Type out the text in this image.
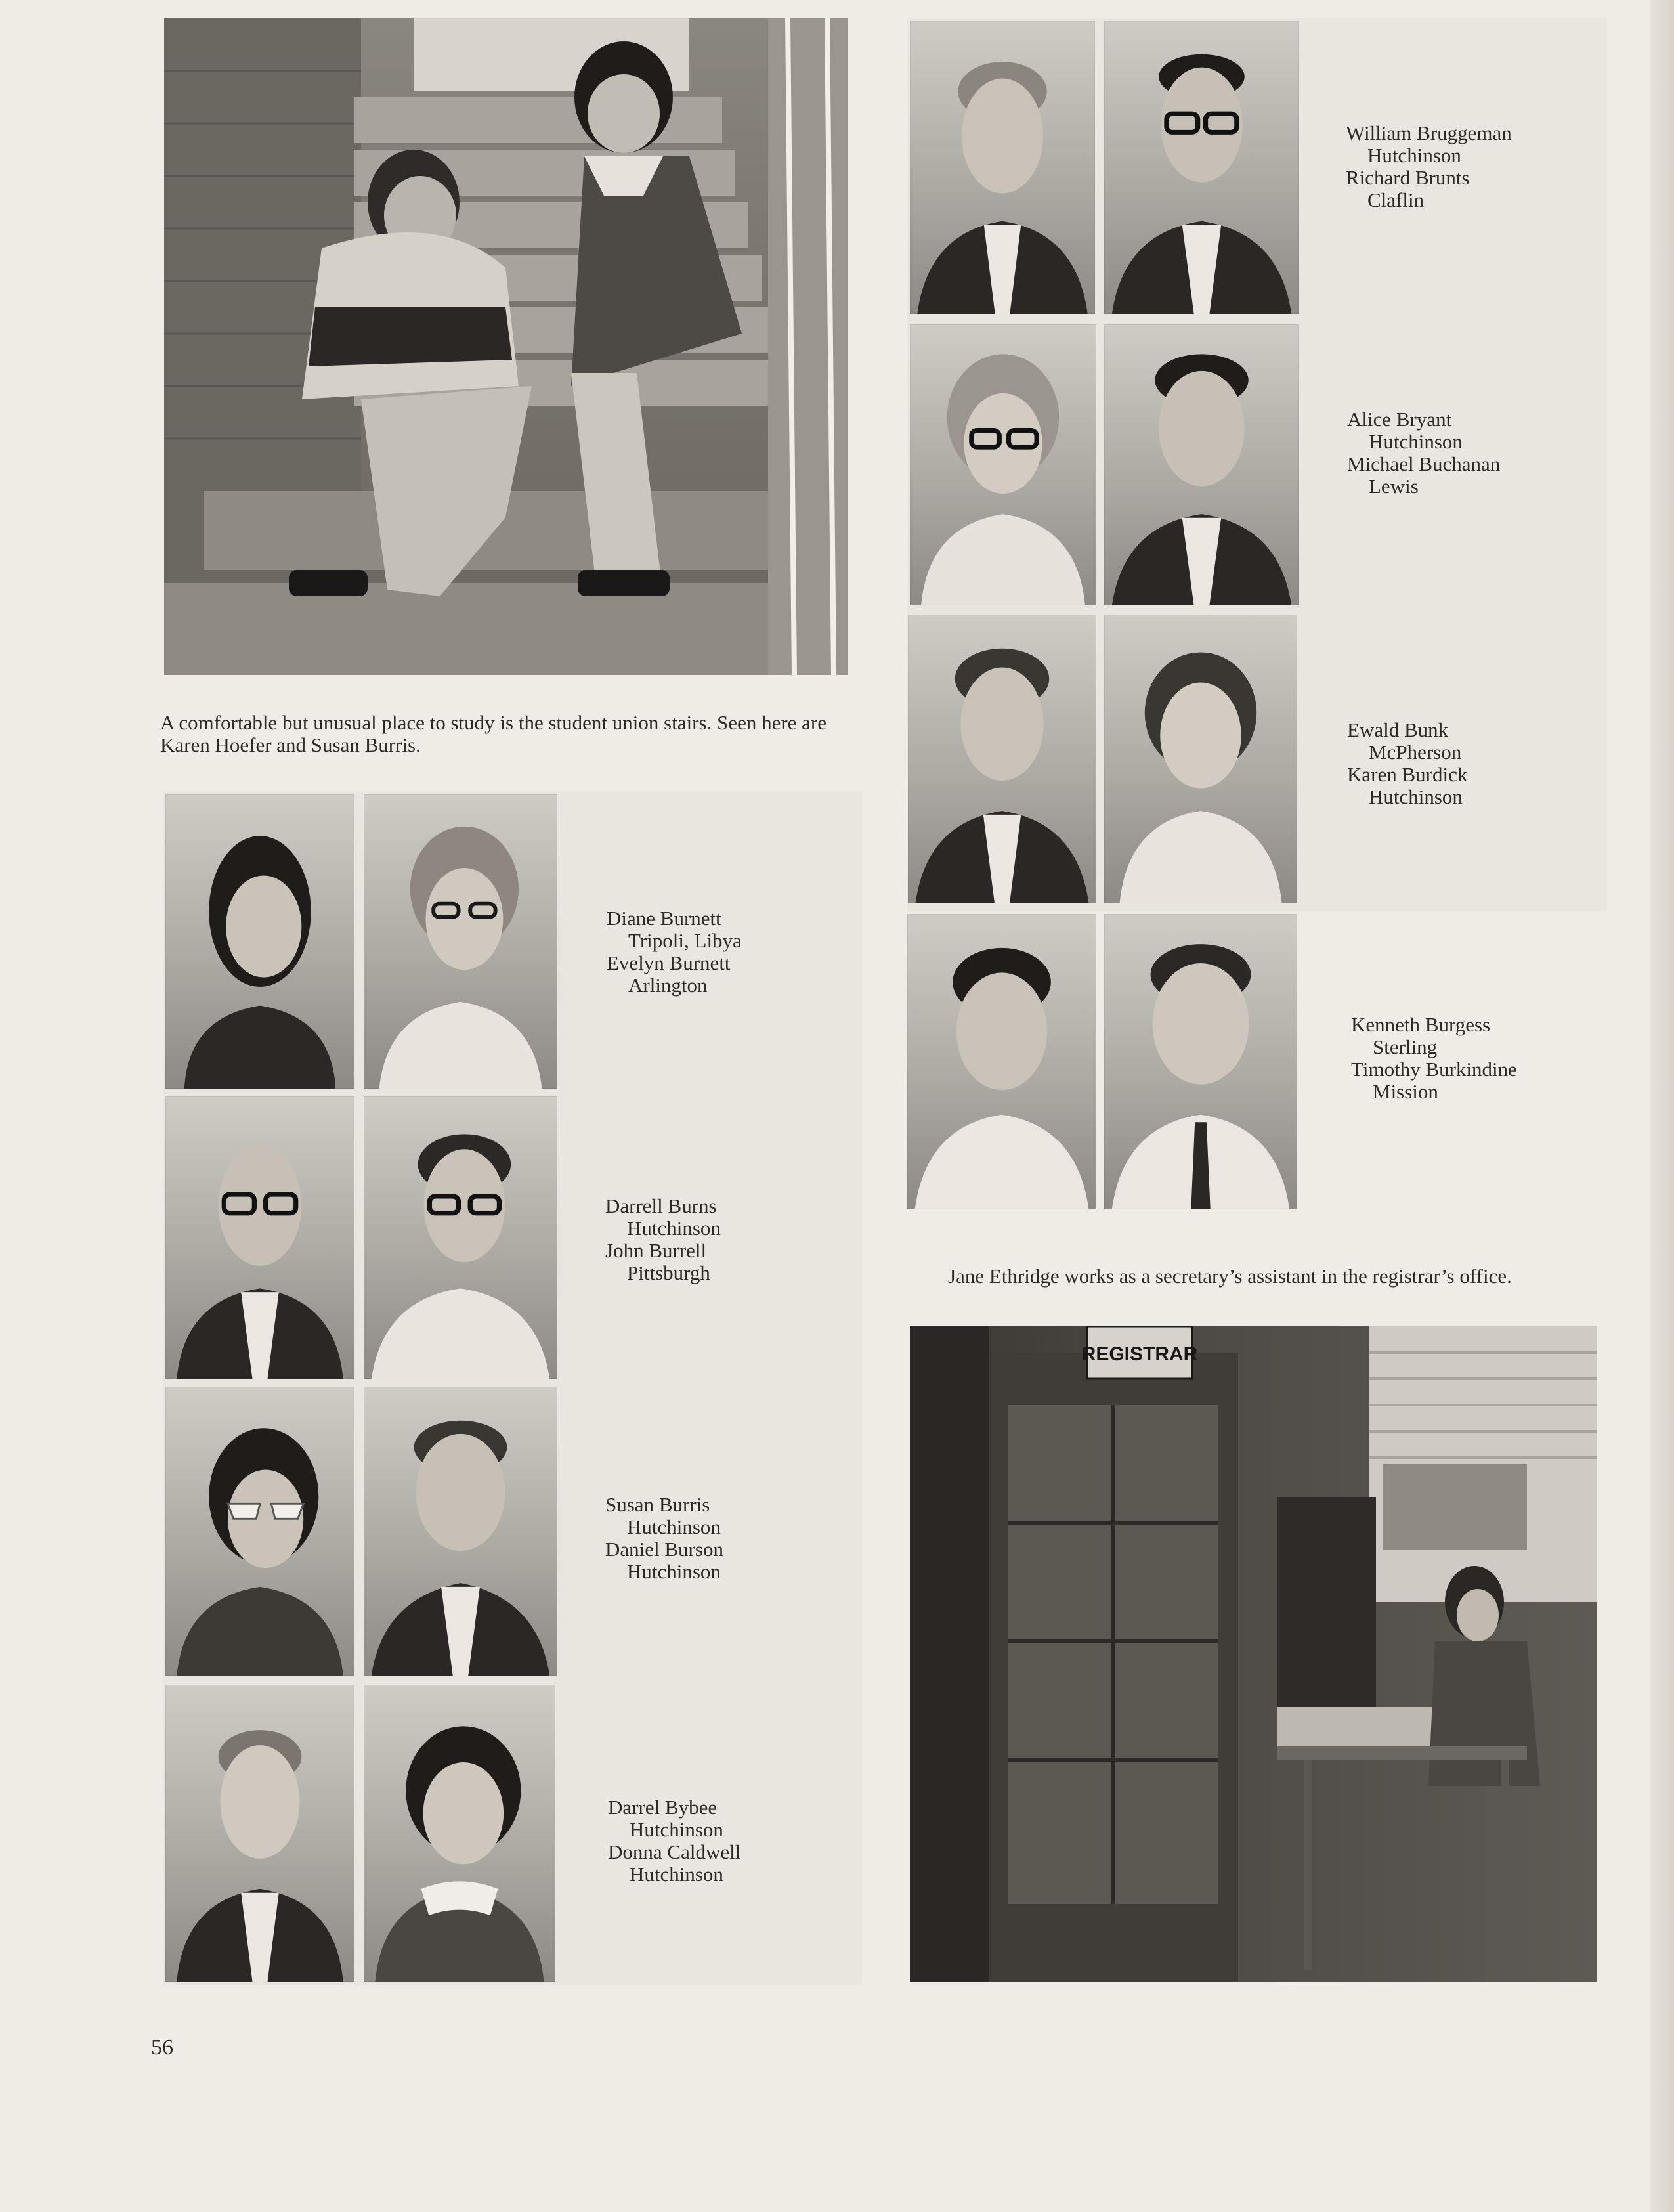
A comfortable but unusual place to study is the student union stairs. Seen here are Karen Hoefer and Susan Burris.
Diane Burnett
Tripoli, Libya
Evelyn Burnett
Arlington
Darrell Burns
Hutchinson
John Burrell
Pittsburgh
Susan Burris
Hutchinson
Daniel Burson
Hutchinson
Darrel Bybee
Hutchinson
Donna Caldwell
Hutchinson
William Bruggeman
Hutchinson
Richard Brunts
Claflin
Alice Bryant
Hutchinson
Michael Buchanan
Lewis
Ewald Bunk
McPherson
Karen Burdick
Hutchinson
Kenneth Burgess
Sterling
Timothy Burkindine
Mission
Jane Ethridge works as a secretary’s assistant in the registrar’s office.
REGISTRAR
56
